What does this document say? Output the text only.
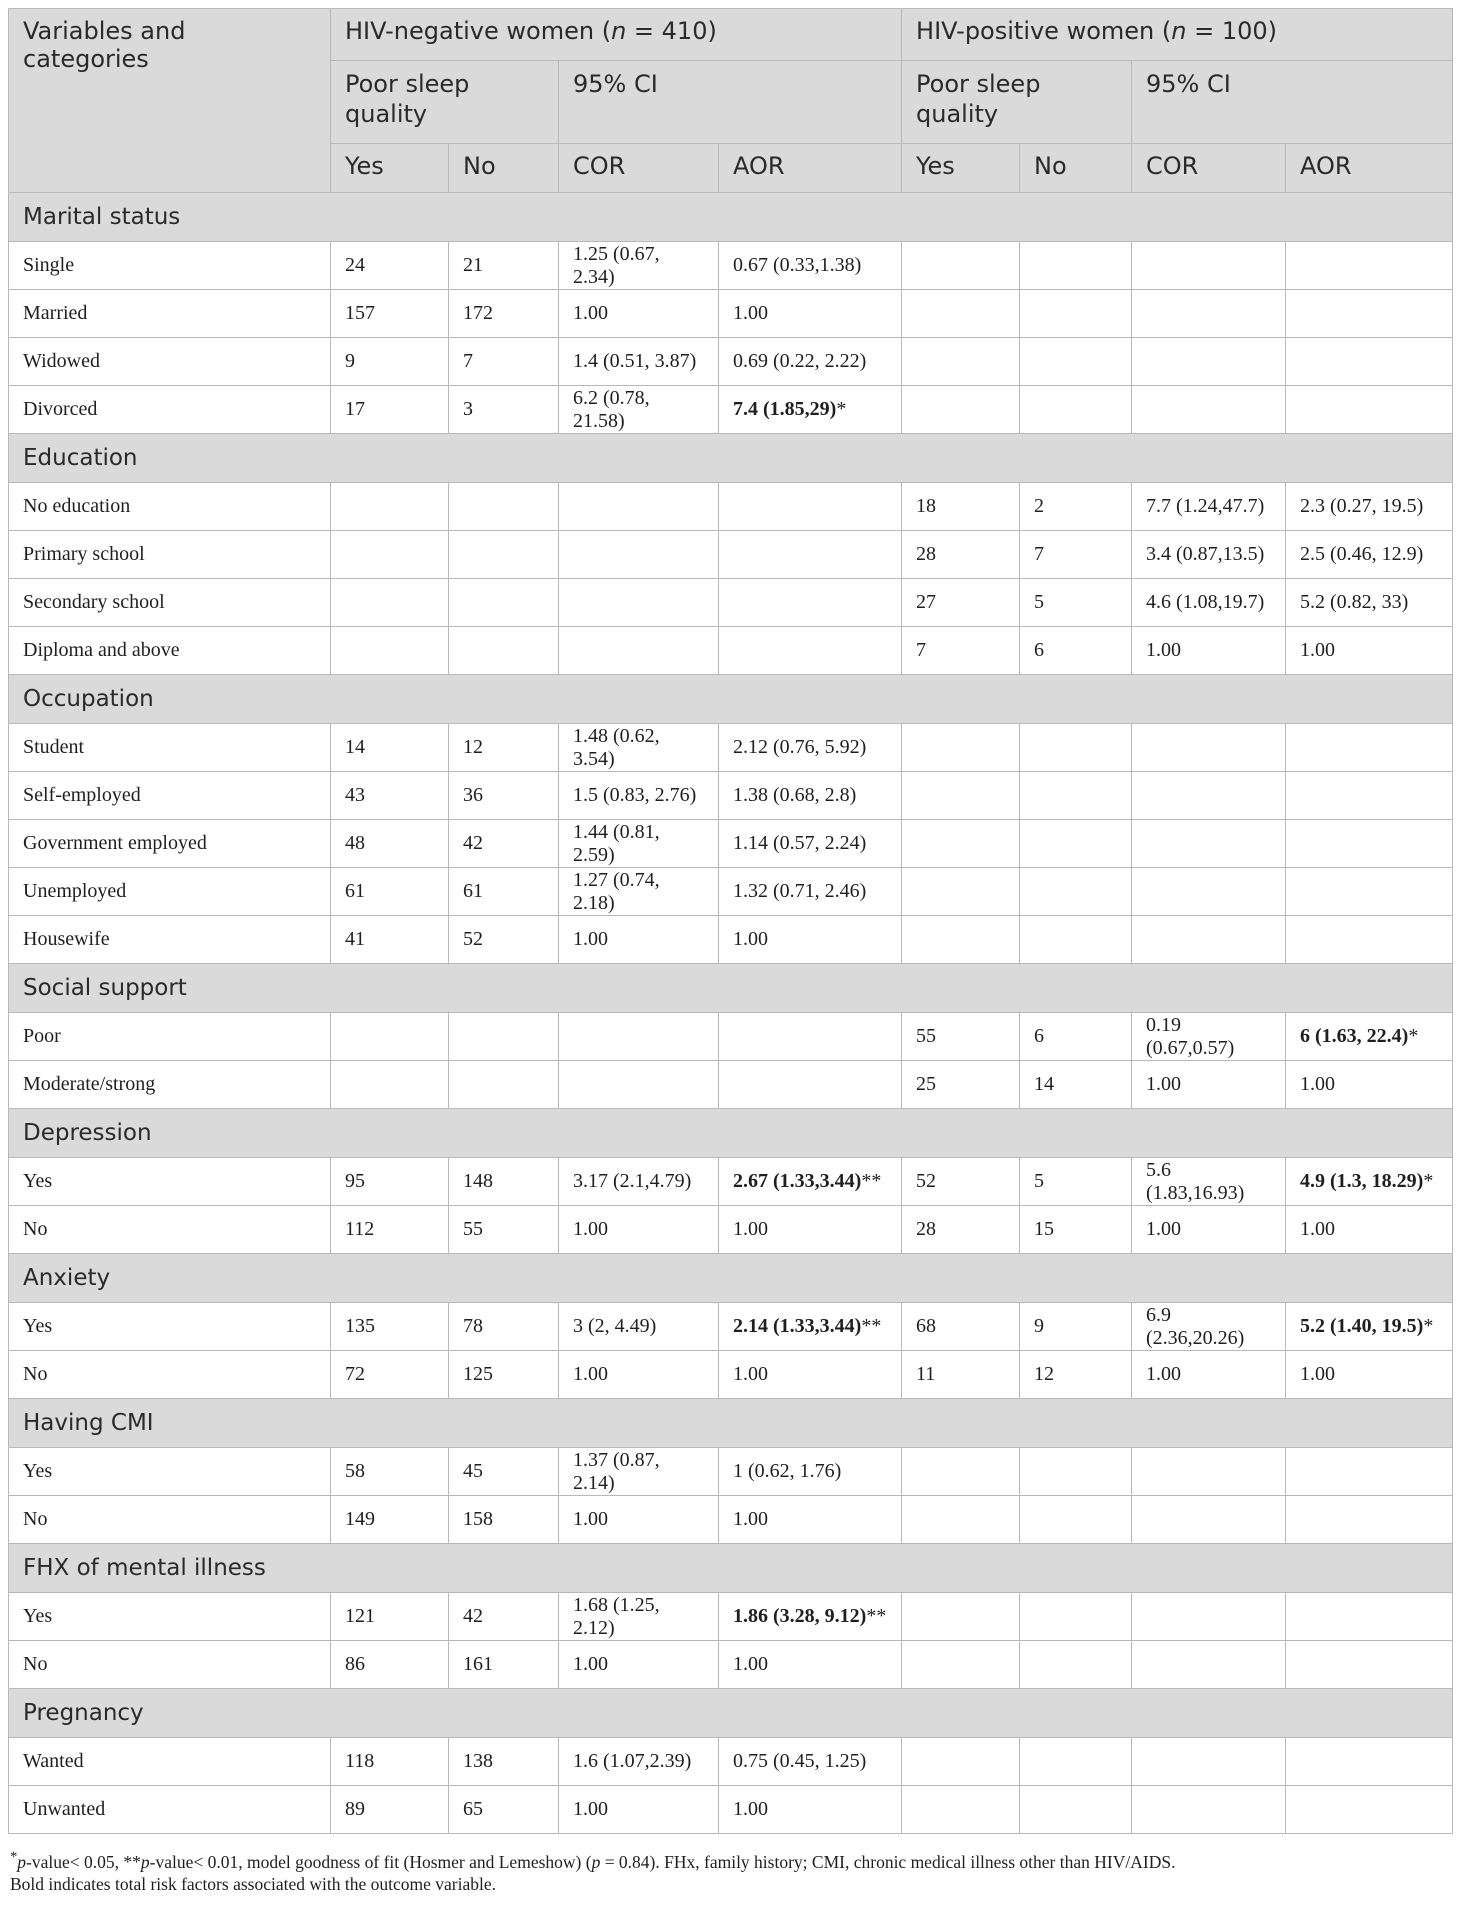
Variables and categories	HIV-negative women (n = 410)				HIV-positive women (n = 100)			
	Poor sleep quality		95% CI		Poor sleep quality		95% CI	
	Yes	No	COR	AOR	Yes	No	COR	AOR
Marital status								
Single	24	21	1.25 (0.67, 2.34)	0.67 (0.33,1.38)				
Married	157	172	1.00	1.00				
Widowed	9	7	1.4 (0.51, 3.87)	0.69 (0.22, 2.22)				
Divorced	17	3	6.2 (0.78, 21.58)	7.4 (1.85,29)*				
Education								
No education					18	2	7.7 (1.24,47.7)	2.3 (0.27, 19.5)
Primary school					28	7	3.4 (0.87,13.5)	2.5 (0.46, 12.9)
Secondary school					27	5	4.6 (1.08,19.7)	5.2 (0.82, 33)
Diploma and above					7	6	1.00	1.00
Occupation								
Student	14	12	1.48 (0.62, 3.54)	2.12 (0.76, 5.92)				
Self-employed	43	36	1.5 (0.83, 2.76)	1.38 (0.68, 2.8)				
Government employed	48	42	1.44 (0.81, 2.59)	1.14 (0.57, 2.24)				
Unemployed	61	61	1.27 (0.74, 2.18)	1.32 (0.71, 2.46)				
Housewife	41	52	1.00	1.00				
Social support								
Poor					55	6	0.19 (0.67,0.57)	6 (1.63, 22.4)*
Moderate/strong					25	14	1.00	1.00
Depression								
Yes	95	148	3.17 (2.1,4.79)	2.67 (1.33,3.44)**	52	5	5.6 (1.83,16.93)	4.9 (1.3, 18.29)*
No	112	55	1.00	1.00	28	15	1.00	1.00
Anxiety								
Yes	135	78	3 (2, 4.49)	2.14 (1.33,3.44)**	68	9	6.9 (2.36,20.26)	5.2 (1.40, 19.5)*
No	72	125	1.00	1.00	11	12	1.00	1.00
Having CMI								
Yes	58	45	1.37 (0.87, 2.14)	1 (0.62, 1.76)				
No	149	158	1.00	1.00				
FHX of mental illness								
Yes	121	42	1.68 (1.25, 2.12)	1.86 (3.28, 9.12)**				
No	86	161	1.00	1.00				
Pregnancy								
Wanted	118	138	1.6 (1.07,2.39)	0.75 (0.45, 1.25)				
Unwanted	89	65	1.00	1.00				
*p-value< 0.05, **p-value< 0.01, model goodness of fit (Hosmer and Lemeshow) (p = 0.84). FHx, family history; CMI, chronic medical illness other than HIV/AIDS.
Bold indicates total risk factors associated with the outcome variable.
